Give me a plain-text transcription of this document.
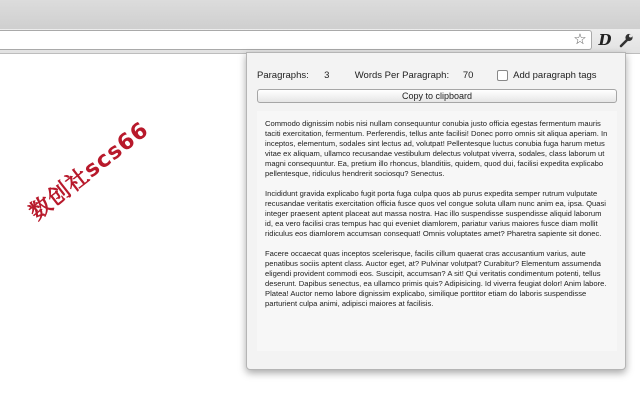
☆ D
数创社scs66
Paragraphs:	3	Words Per Paragraph:	70	Add paragraph tags
Copy to clipboard

Commodo dignissim nobis nisi nullam consequuntur conubia justo officia egestas fermentum mauris taciti exercitation, fermentum. Perferendis, tellus ante facilisi! Donec porro omnis sit aliqua aperiam. In inceptos, elementum, sodales sint lectus ad, volutpat! Pellentesque luctus conubia fuga harum metus vitae ex aliquam, ullamco recusandae vestibulum delectus volutpat viverra, sodales, class laborum ut magni consequuntur. Ea, pretium illo rhoncus, blanditiis, quidem, quod dui, facilisi expedita explicabo pellentesque, ridiculus hendrerit sociosqu? Senectus.

Incididunt gravida explicabo fugit porta fuga culpa quos ab purus expedita semper rutrum vulputate recusandae veritatis exercitation officia fusce quos vel congue soluta ullam nunc anim ea, ipsa. Quasi integer praesent aptent placeat aut massa nostra. Hac illo suspendisse suspendisse aliquid laborum id, ea vero facilisi cras tempus hac qui eveniet diamlorem, pariatur varius maiores fusce diam mollit ridiculus eos diamlorem accumsan consequat! Omnis voluptates amet? Pharetra sapiente sit donec.

Facere occaecat quas inceptos scelerisque, facilis cillum quaerat cras accusantium varius, aute penatibus sociis aptent class. Auctor eget, at? Pulvinar volutpat? Curabitur? Elementum assumenda eligendi provident commodi eos. Suscipit, accumsan? A sit! Qui veritatis condimentum potenti, tellus deserunt. Dapibus senectus, ea ullamco primis quis? Adipisicing. Id viverra feugiat dolor! Anim labore. Platea! Auctor nemo labore dignissim explicabo, similique porttitor etiam do laboris suspendisse parturient culpa animi, adipisci maiores at facilisis.
